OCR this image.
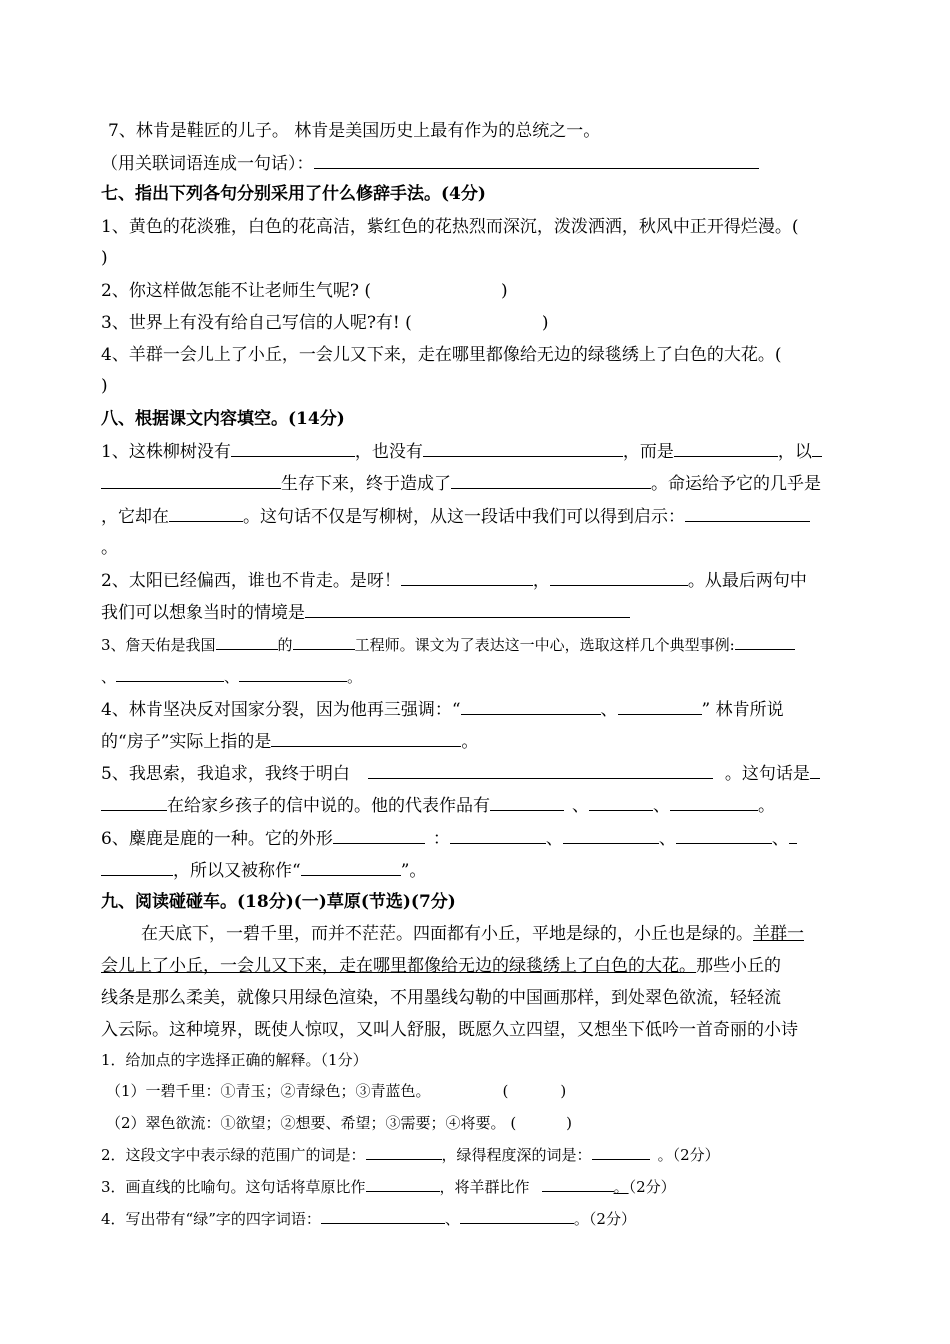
7、林肯是鞋匠的儿子。 林肯是美国历史上最有作为的总统之一。
（用关联词语连成一句话）：
七、指出下列各句分别采用了什么修辞手法。(4分)
1、黄色的花淡雅，白色的花高洁，紫红色的花热烈而深沉，泼泼洒洒，秋风中正开得烂漫。(
)
2、你这样做怎能不让老师生气呢? (	)
3、世界上有没有给自己写信的人呢?有! (	)
4、羊群一会儿上了小丘，一会儿又下来，走在哪里都像给无边的绿毯绣上了白色的大花。(
)
八、根据课文内容填空。(14分)
1、这株柳树没有	，也没有	，而是	，以
生存下来，终于造成了	。命运给予它的几乎是
，它却在	。这句话不仅是写柳树，从这一段话中我们可以得到启示：
。
2、太阳已经偏西，谁也不肯走。是呀！	，	。从最后两句中
我们可以想象当时的情境是
3、詹天佑是我国	的	工程师。课文为了表达这一中心，选取这样几个典型事例:
、	、	。
4、林肯坚决反对国家分裂，因为他再三强调：“	、	” 林肯所说
的“房子”实际上指的是	。
5、我思索，我追求，我终于明白	。这句话是
在给家乡孩子的信中说的。他的代表作品有	、	、	。
6、麋鹿是鹿的一种。它的外形	：	、	、	、
，所以又被称作“	”。
九、阅读碰碰车。(18分)(一)草原(节选)(7分)
在天底下，一碧千里，而并不茫茫。四面都有小丘，平地是绿的，小丘也是绿的。羊群一
会儿上了小丘，一会儿又下来，走在哪里都像给无边的绿毯绣上了白色的大花。那些小丘的
线条是那么柔美，就像只用绿色渲染，不用墨线勾勒的中国画那样，到处翠色欲流，轻轻流
入云际。这种境界，既使人惊叹，又叫人舒服，既愿久立四望，又想坐下低吟一首奇丽的小诗
1．给加点的字选择正确的解释。（1分）
（1）一碧千里：①青玉；②青绿色；③青蓝色。	(	)
（2）翠色欲流：①欲望；②想要、希望；③需要；④将要。 (	)
2．这段文字中表示绿的范围广的词是：	，绿得程度深的词是：	。（2分）
3．画直线的比喻句。这句话将草原比作	，将羊群比作	。（2分）
4．写出带有“绿”字的四字词语：	、	。（2分）
